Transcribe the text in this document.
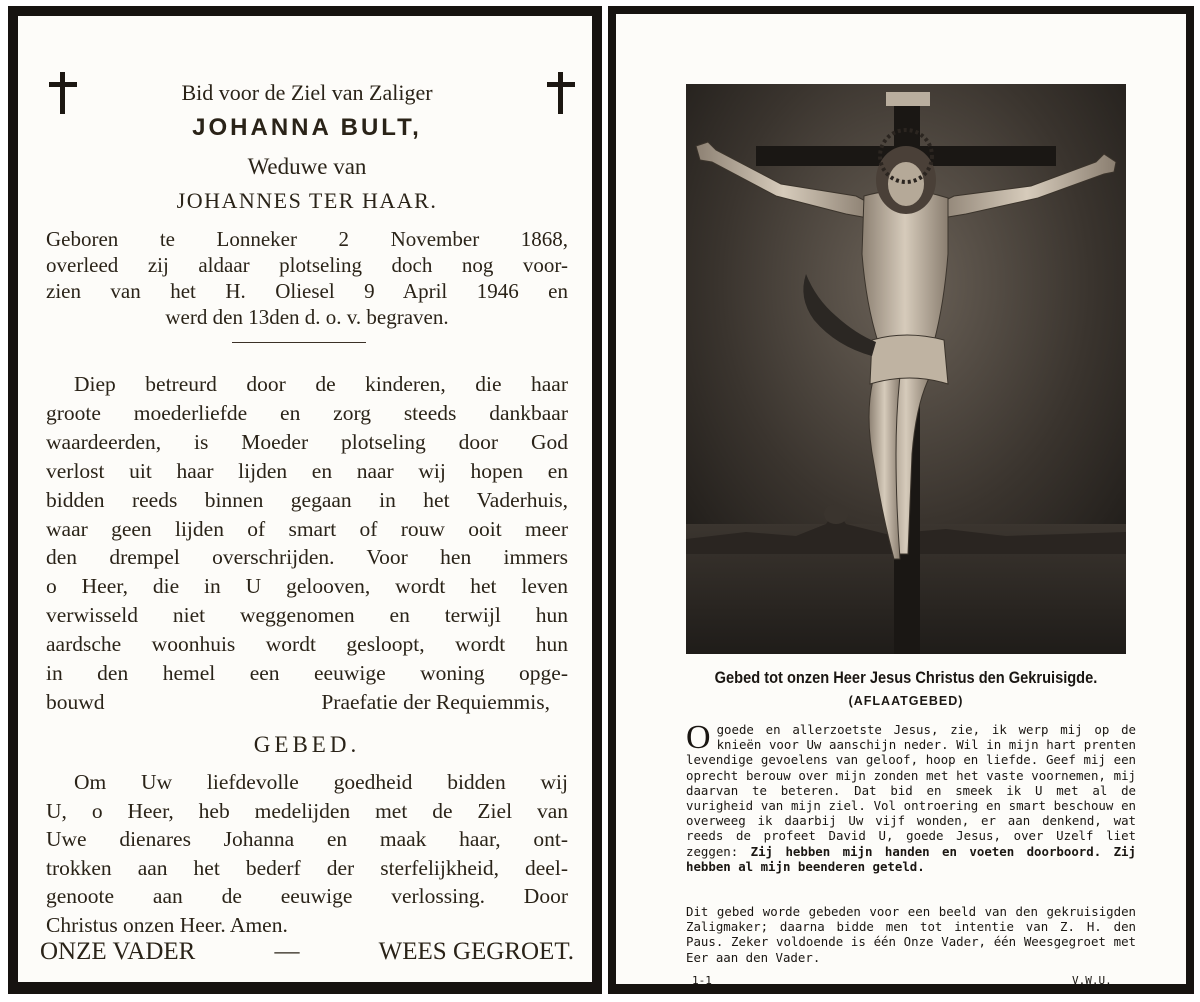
Bid voor de Ziel van Zaliger
JOHANNA BULT,
Weduwe van
JOHANNES TER HAAR.
Geboren te Lonneker 2 November 1868,
overleed zij aldaar plotseling doch nog voor-
zien van het H. Oliesel 9 April 1946 en
werd den 13den d. o. v. begraven.
Diep betreurd door de kinderen, die haar
groote moederliefde en zorg steeds dankbaar
waardeerden, is Moeder plotseling door God
verlost uit haar lijden en naar wij hopen en
bidden reeds binnen gegaan in het Vaderhuis,
waar geen lijden of smart of rouw ooit meer
den drempel overschrijden. Voor hen immers
o Heer, die in U gelooven, wordt het leven
verwisseld niet weggenomen en terwijl hun
aardsche woonhuis wordt gesloopt, wordt hun
in den hemel een eeuwige woning opge-
bouwd	Praefatie der Requiemmis,
GEBED.
Om Uw liefdevolle goedheid bidden wij
U, o Heer, heb medelijden met de Ziel van
Uwe dienares Johanna en maak haar, ont-
trokken aan het bederf der sterfelijkheid, deel-
genoote aan de eeuwige verlossing. Door
Christus onzen Heer. Amen.
ONZE VADER	—	WEES GEGROET.
Gebed tot onzen Heer Jesus Christus den Gekruisigde.
(AFLAATGEBED)
O goede en allerzoetste Jesus, zie, ik werp mij op de knieën voor Uw aanschijn neder. Wil in mijn hart prenten levendige gevoelens van geloof, hoop en liefde. Geef mij een oprecht berouw over mijn zonden met het vaste voornemen, mij daarvan te beteren. Dat bid en smeek ik U met al de vurigheid van mijn ziel. Vol ontroering en smart beschouw en overweeg ik daarbij Uw vijf wonden, er aan denkend, wat reeds de profeet David U, goede Jesus, over Uzelf liet zeggen: Zij hebben mijn handen en voeten doorboord. Zij hebben al mijn beenderen geteld.
Dit gebed worde gebeden voor een beeld van den gekruisigden Zaligmaker; daarna bidde men tot intentie van Z. H. den Paus. Zeker voldoende is één Onze Vader, één Weesgegroet met Eer aan den Vader.
1-1	V.W.U.
